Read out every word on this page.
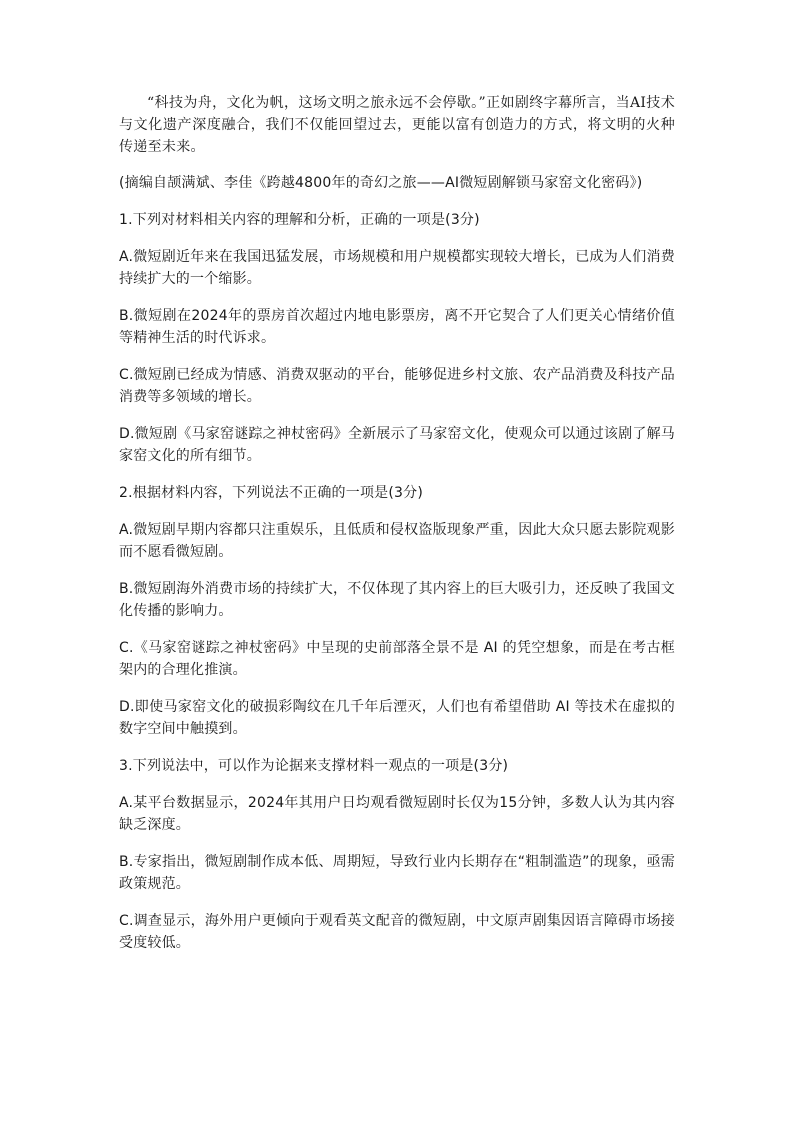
“科技为舟，文化为帆，这场文明之旅永远不会停歇。”正如剧终字幕所言，当AI技术与文化遗产深度融合，我们不仅能回望过去，更能以富有创造力的方式，将文明的火种传递至未来。

(摘编自颉满斌、李佳《跨越4800年的奇幻之旅——AI微短剧解锁马家窑文化密码》)

1.下列对材料相关内容的理解和分析，正确的一项是(3分)

A.微短剧近年来在我国迅猛发展，市场规模和用户规模都实现较大增长，已成为人们消费持续扩大的一个缩影。

B.微短剧在2024年的票房首次超过内地电影票房，离不开它契合了人们更关心情绪价值等精神生活的时代诉求。

C.微短剧已经成为情感、消费双驱动的平台，能够促进乡村文旅、农产品消费及科技产品消费等多领域的增长。

D.微短剧《马家窑谜踪之神杖密码》全新展示了马家窑文化，使观众可以通过该剧了解马家窑文化的所有细节。

2.根据材料内容，下列说法不正确的一项是(3分)

A.微短剧早期内容都只注重娱乐，且低质和侵权盗版现象严重，因此大众只愿去影院观影而不愿看微短剧。

B.微短剧海外消费市场的持续扩大，不仅体现了其内容上的巨大吸引力，还反映了我国文化传播的影响力。

C.《马家窑谜踪之神杖密码》中呈现的史前部落全景不是 AI 的凭空想象，而是在考古框架内的合理化推演。

D.即使马家窑文化的破损彩陶纹在几千年后湮灭，人们也有希望借助 AI 等技术在虚拟的数字空间中触摸到。

3.下列说法中，可以作为论据来支撑材料一观点的一项是(3分)

A.某平台数据显示，2024年其用户日均观看微短剧时长仅为15分钟，多数人认为其内容缺乏深度。

B.专家指出，微短剧制作成本低、周期短，导致行业内长期存在“粗制滥造”的现象，亟需政策规范。

C.调查显示，海外用户更倾向于观看英文配音的微短剧，中文原声剧集因语言障碍市场接受度较低。
